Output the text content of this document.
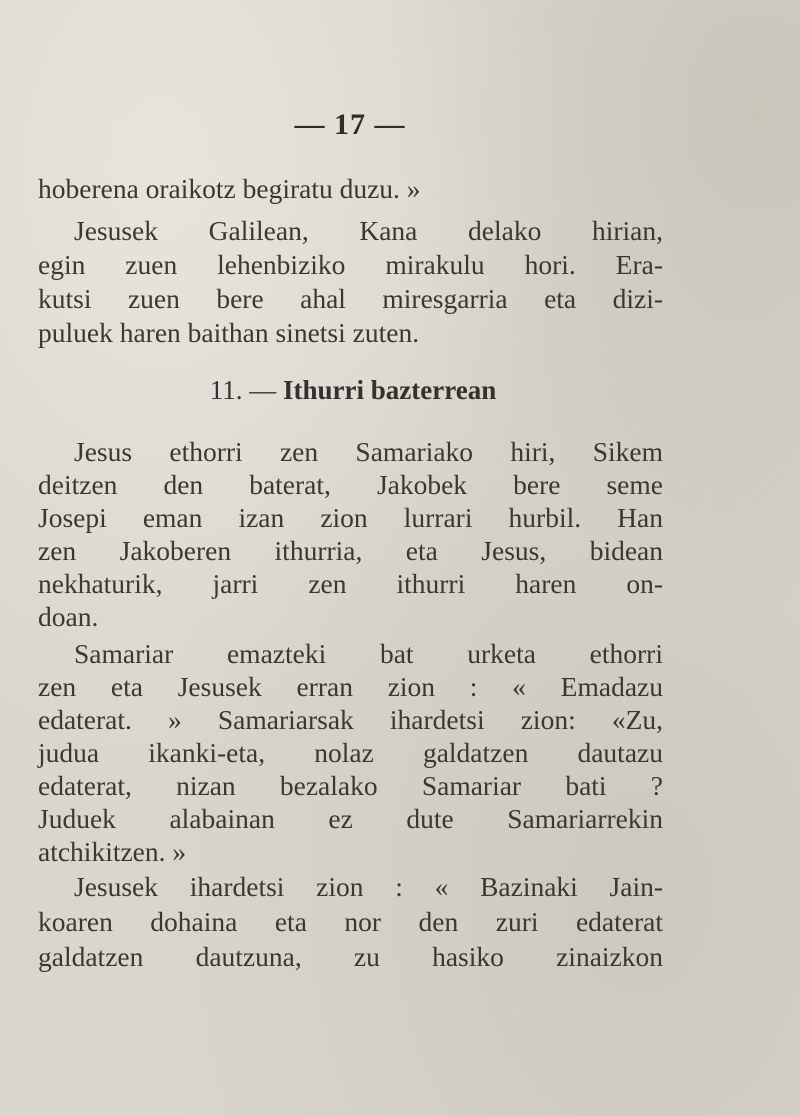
— 17 —
hoberena oraikotz begiratu duzu. »
Jesusek Galilean, Kana delako hirian,
egin zuen lehenbiziko mirakulu hori. Era-
kutsi zuen bere ahal miresgarria eta dizi-
puluek haren baithan sinetsi zuten.
11. — Ithurri bazterrean
Jesus ethorri zen Samariako hiri, Sikem
deitzen den baterat, Jakobek bere seme
Josepi eman izan zion lurrari hurbil. Han
zen Jakoberen ithurria, eta Jesus, bidean
nekhaturik, jarri zen ithurri haren on-
doan.
Samariar emazteki bat urketa ethorri
zen eta Jesusek erran zion : « Emadazu
edaterat. » Samariarsak ihardetsi zion: «Zu,
judua ikanki-eta, nolaz galdatzen dautazu
edaterat, nizan bezalako Samariar bati ?
Juduek alabainan ez dute Samariarrekin
atchikitzen. »
Jesusek ihardetsi zion : « Bazinaki Jain-
koaren dohaina eta nor den zuri edaterat
galdatzen dautzuna, zu hasiko zinaizkon
